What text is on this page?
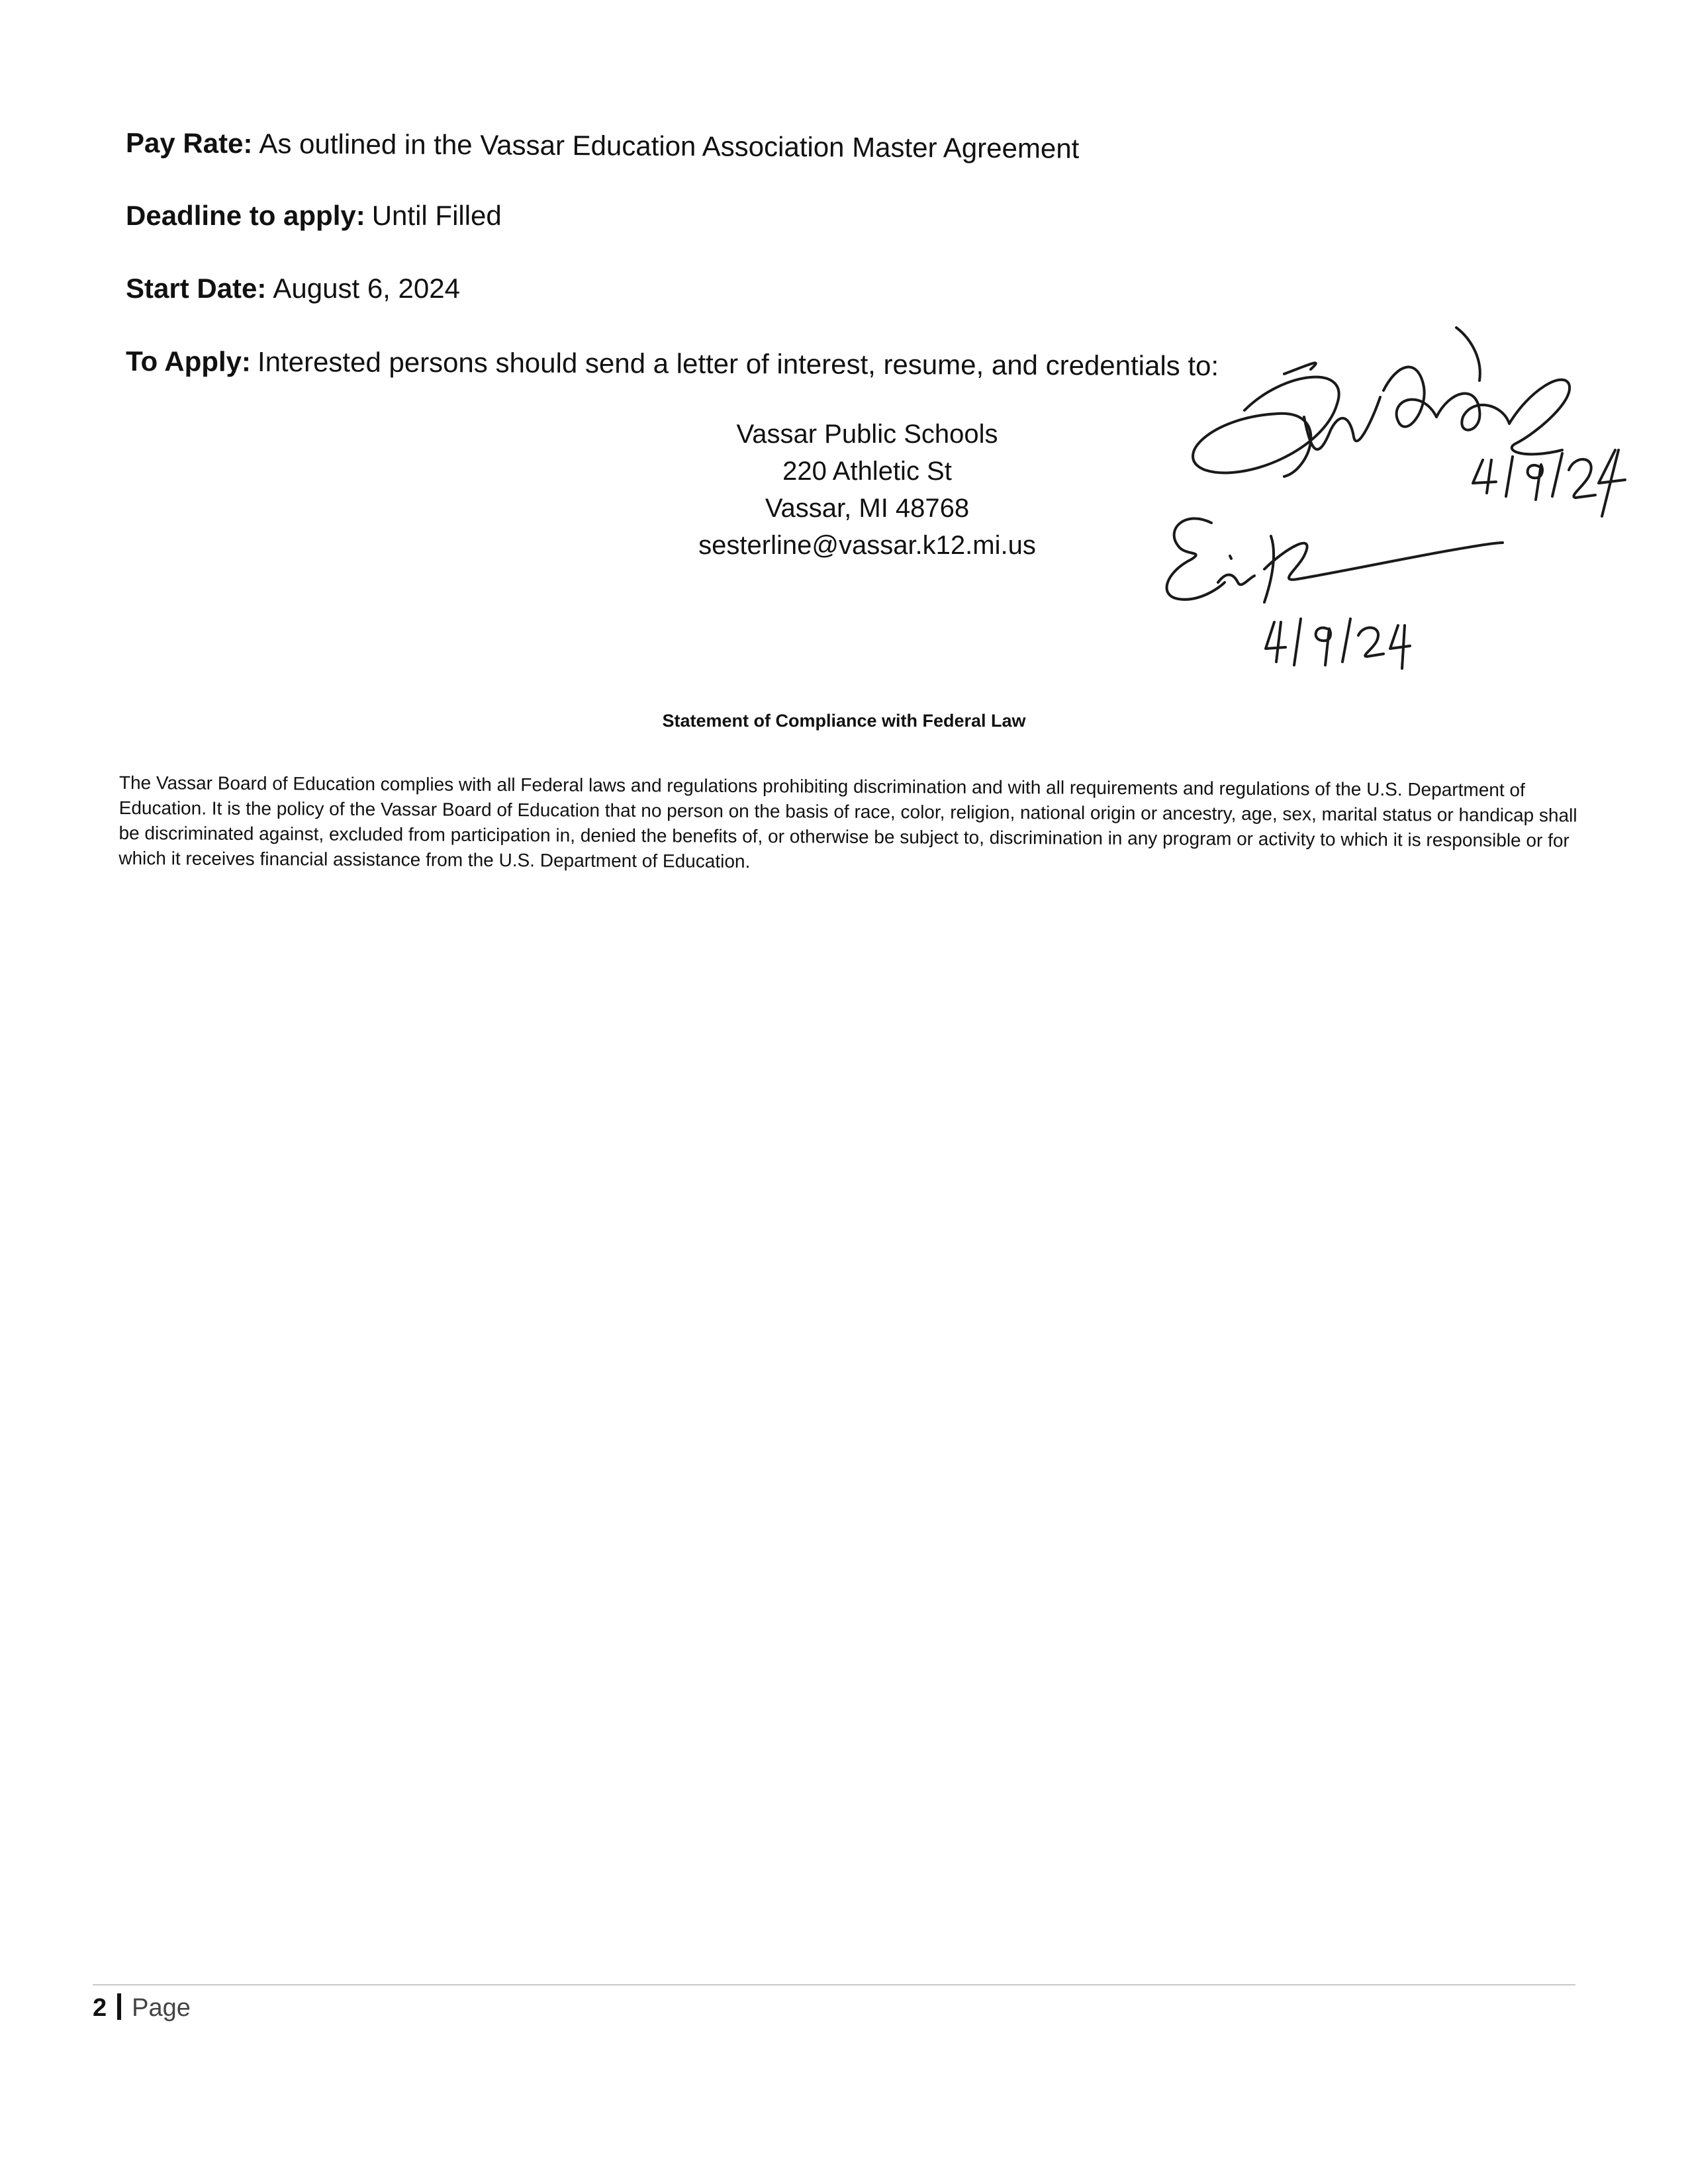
Pay Rate: As outlined in the Vassar Education Association Master Agreement
Deadline to apply: Until Filled
Start Date: August 6, 2024
To Apply: Interested persons should send a letter of interest, resume, and credentials to:
Vassar Public Schools
220 Athletic St
Vassar, MI 48768
sesterline@vassar.k12.mi.us
Statement of Compliance with Federal Law
The Vassar Board of Education complies with all Federal laws and regulations prohibiting discrimination and with all requirements and regulations of the U.S. Department of Education. It is the policy of the Vassar Board of Education that no person on the basis of race, color, religion, national origin or ancestry, age, sex, marital status or handicap shall be discriminated against, excluded from participation in, denied the benefits of, or otherwise be subject to, discrimination in any program or activity to which it is responsible or for which it receives financial assistance from the U.S. Department of Education.
2 Page
